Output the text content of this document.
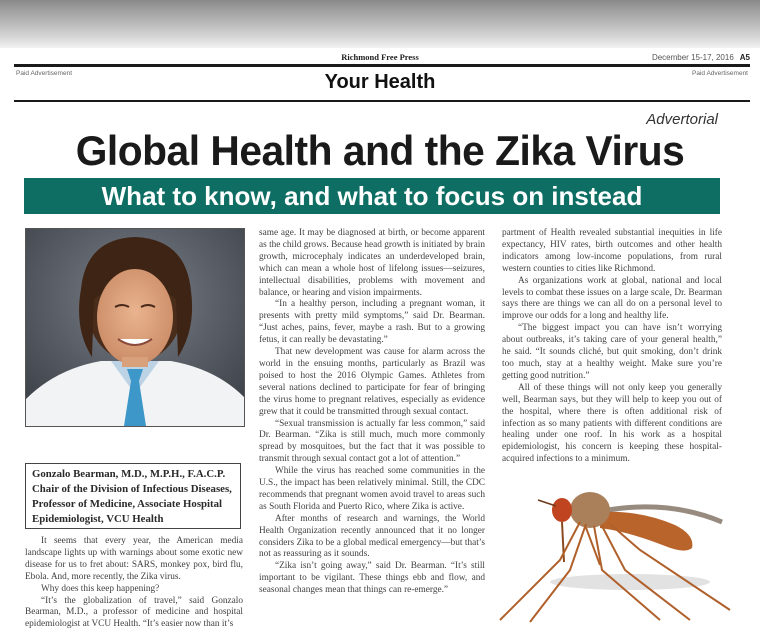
Richmond Free Press	December 15-17, 2016 A5
Paid Advertisement	Paid Advertisement
Your Health
Advertorial
Global Health and the Zika Virus
What to know, and what to focus on instead
Gonzalo Bearman, M.D., M.P.H., F.A.C.P.
Chair of the Division of Infectious Diseases,
Professor of Medicine, Associate Hospital
Epidemiologist, VCU Health

It seems that every year, the American media landscape lights up with warnings about some exotic new disease for us to fret about: SARS, monkey pox, bird flu, Ebola. And, more recently, the Zika virus.

Why does this keep happening?

“It’s the globalization of travel,” said Gonzalo Bearman, M.D., a professor of medicine and hospital epidemiologist at VCU Health. “It’s easier now than it’s

same age. It may be diagnosed at birth, or become apparent as the child grows. Because head growth is initiated by brain growth, microcephaly indicates an underdeveloped brain, which can mean a whole host of lifelong issues—seizures, intellectual disabilities, problems with movement and balance, or hearing and vision impairments.

“In a healthy person, including a pregnant woman, it presents with pretty mild symptoms,” said Dr. Bearman. “Just aches, pains, fever, maybe a rash. But to a growing fetus, it can really be devastating.”

That new development was cause for alarm across the world in the ensuing months, particularly as Brazil was poised to host the 2016 Olympic Games. Athletes from several nations declined to participate for fear of bringing the virus home to pregnant relatives, especially as evidence grew that it could be transmitted through sexual contact.

“Sexual transmission is actually far less common,” said Dr. Bearman. “Zika is still much, much more commonly spread by mosquitoes, but the fact that it was possible to transmit through sexual contact got a lot of attention.”

While the virus has reached some communities in the U.S., the impact has been relatively minimal. Still, the CDC recommends that pregnant women avoid travel to areas such as South Florida and Puerto Rico, where Zika is active.

After months of research and warnings, the World Health Organization recently announced that it no longer considers Zika to be a global medical emergency—but that’s not as reassuring as it sounds.

“Zika isn’t going away,” said Dr. Bearman. “It’s still important to be vigilant. These things ebb and flow, and seasonal changes mean that things can re-emerge.”

partment of Health revealed substantial inequities in life expectancy, HIV rates, birth outcomes and other health indicators among low-income populations, from rural western counties to cities like Richmond.

As organizations work at global, national and local levels to combat these issues on a large scale, Dr. Bearman says there are things we can all do on a personal level to improve our odds for a long and healthy life.

“The biggest impact you can have isn’t worrying about outbreaks, it’s taking care of your general health,” he said. “It sounds cliché, but quit smoking, don’t drink too much, stay at a healthy weight. Make sure you’re getting good nutrition.”

All of these things will not only keep you generally well, Bearman says, but they will help to keep you out of the hospital, where there is often additional risk of infection as so many patients with different conditions are healing under one roof. In his work as a hospital epidemiologist, his concern is keeping these hospital-acquired infections to a minimum.
